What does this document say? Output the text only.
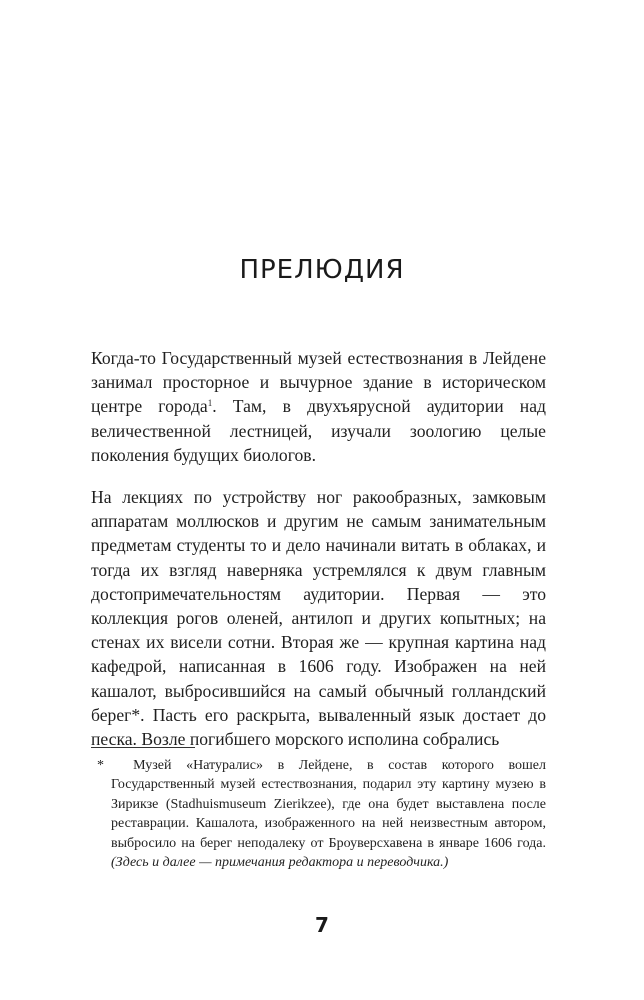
ПРЕЛЮДИЯ

Когда-то Государственный музей естествознания в Лейдене занимал просторное и вычурное здание в историческом центре города$^1$. Там, в двухъярусной аудитории над величественной лестницей, изучали зоологию целые поколения будущих биологов.

На лекциях по устройству ног ракообразных, замковым аппаратам моллюсков и другим не самым занимательным предметам студенты то и дело начинали витать в облаках, и тогда их взгляд наверняка устремлялся к двум главным достопримечательностям аудитории. Первая — это коллекция рогов оленей, антилоп и других копытных; на стенах их висели сотни. Вторая же — крупная картина над кафедрой, написанная в 1606 году. Изображен на ней кашалот, выбросившийся на самый обычный голландский берег*. Пасть его раскрыта, вываленный язык достает до песка. Возле погибшего морского исполина собрались

* Музей «Натуралис» в Лейдене, в состав которого вошел Государственный музей естествознания, подарил эту картину музею в Зирикзе (Stadhuismuseum Zierikzee), где она будет выставлена после реставрации. Кашалота, изображенного на ней неизвестным автором, выбросило на берег неподалеку от Броуверсхавена в январе 1606 года. (Здесь и далее — примечания редактора и переводчика.)

7
